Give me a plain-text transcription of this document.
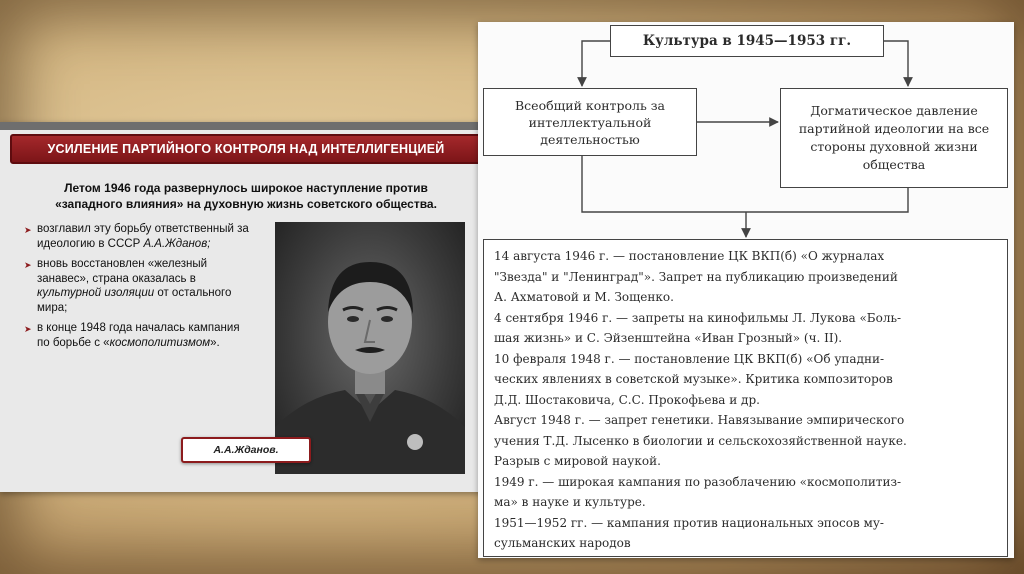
УСИЛЕНИЕ ПАРТИЙНОГО КОНТРОЛЯ НАД ИНТЕЛЛИГЕНЦИЕЙ
Летом 1946 года развернулось широкое наступление против
«западного влияния» на духовную жизнь советского общества.
➤ возглавил эту борьбу ответственный за идеологию в СССР А.А.Жданов;
➤ вновь восстановлен «железный занавес», страна оказалась в культурной изоляции от остального мира;
➤ в конце 1948 года началась кампания по борьбе с «космополитизмом».
А.А.Жданов.
Культура в 1945—1953 гг.
Всеобщий контроль за интеллектуальной деятельностью
Догматическое давление партийной идеологии на все стороны духовной жизни общества

14 августа 1946 г. — постановление ЦК ВКП(б) «О журналах

"Звезда" и "Ленинград"». Запрет на публикацию произведений

А. Ахматовой и М. Зощенко.

4 сентября 1946 г. — запреты на кинофильмы Л. Лукова «Боль-

шая жизнь» и С. Эйзенштейна «Иван Грозный» (ч. II).

10 февраля 1948 г. — постановление ЦК ВКП(б) «Об упадни-

ческих явлениях в советской музыке». Критика композиторов

Д.Д. Шостаковича, С.С. Прокофьева и др.

Август 1948 г. — запрет генетики. Навязывание эмпирического

учения Т.Д. Лысенко в биологии и сельскохозяйственной науке.

Разрыв с мировой наукой.

1949 г. — широкая кампания по разоблачению «космополитиз-

ма» в науке и культуре.

1951—1952 гг. — кампания против национальных эпосов му-

сульманских народов
